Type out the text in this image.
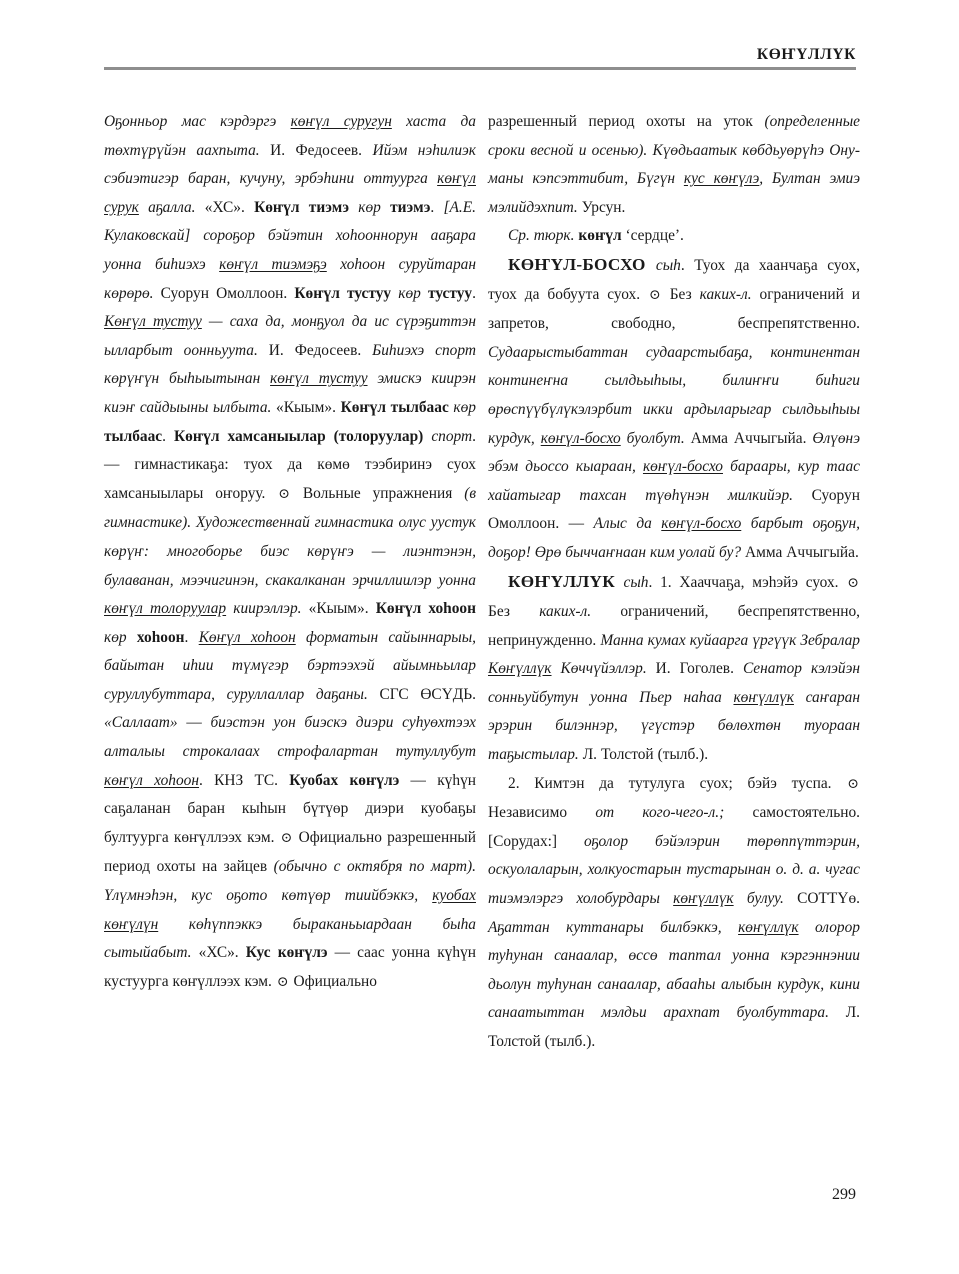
КӨҤҮЛЛҮК

Оҕонньор мас кэрдэргэ көҥүл суругун хаста да төхтүрүйэн аахпыта. И. Федосеев. Ийэм нэһилиэк сэбиэтигэр баран, кучуну, эрбэһини оттуурга көҥүл сурук аҕалла. «ХС». Көҥүл тиэмэ көр тиэмэ. [А.Е. Кулаковскай] сороҕор бэйэтин хоһооннорун ааҕара уонна биһиэхэ көҥүл тиэмэҕэ хоһоон суруйтаран көрөрө. Суорун Омоллоон. Көҥүл тустуу көр тустуу. Көҥүл тустуу — саха да, монҕуол да ис сүрэҕиттэн ылларбыт оонньуута. И. Федосеев. Биһиэхэ спорт көрүҥүн быһыытынан көҥүл тустуу эмискэ киирэн киэҥ сайдыыны ылбыта. «Кыым». Көҥүл тылбаас көр тылбаас. Көҥүл хамсаныылар (толоруулар) спорт. — гимнастикаҕа: туох да көмө тээбиринэ суох хамсаныылары оҥоруу. ⊙ Вольные упражнения (в гимнастике). Художественнай гимнастика олус уустук көрүҥ: многоборье биэс көрүҥэ — лиэнтэнэн, булаванан, мээчигинэн, скакалканан эрчиллиилэр уонна көҥүл толоруулар киирэллэр. «Кыым». Көҥүл хоһоон көр хоһоон. Көҥүл хоһоон форматын сайыннарыы, байытан иһии түмүгэр бэртээхэй айымньылар суруллубуттара, суруллаллар даҕаны. СГС ӨСҮДЬ. «Саллаат» — биэстэн уон биэскэ диэри суһуөхтээх алталыы строкалаах строфалартан тутуллубут көҥүл хоһоон. КНЗ ТС. Куобах көҥүлэ — күһүн саҕаланан баран кыһын бүтүөр диэри куобаҕы бултуурга көҥүллээх кэм. ⊙ Официально разрешенный период охоты на зайцев (обычно с октября по март). Үлүмнэһэн, кус оҕото көтүөр тиийбэккэ, куобах көҥүлүн көһүппэккэ быраканьыардаан быһа сытыйабыт. «ХС». Кус көҥүлэ — саас уонна күһүн кустуурга көҥүллээх кэм. ⊙ Официально

разрешенный период охоты на уток (определенные сроки весной и осенью). Күөдьаатык көбдьуөрүһэ Ону-маны кэпсэттибит, Бүгүн кус көҥүлэ, Бултан эмиэ мэлийдэхпит. Урсун.

Ср. тюрк. көҥүл ‘сердце’.

КӨҤҮЛ-БОСХО сыһ. Туох да хаанчаҕа суох, туох да бобуута суох. ⊙ Без каких-л. ограничений и запретов, свободно, беспрепятственно. Судаарыстыбаттан судаарстыбаҕа, континентан континеҥна сылдьыһыы, билиҥҥи биһиги өрөспүүбүлүкэлэрбит икки ардыларыгар сылдьыһыы курдук, көҥүл-босхо буолбут. Амма Аччыгыйа. Өлүөнэ эбэм дьоссо кыараан, көҥүл-босхо бараары, кур таас хайатыгар тахсан түөһүнэн милкийэр. Суорун Омоллоон. — Алыс да көҥүл-босхо барбыт оҕоҕун, доҕор! Өрө быччаҥнаан ким уолай бу? Амма Аччыгыйа.

КӨҤҮЛЛҮК сыһ. 1. Хааччаҕа, мэһэйэ суох. ⊙ Без каких-л. ограничений, беспрепятственно, непринужденно. Манна кумах куйаарга үргүүк Зебралар Көҥүллүк Көччүйэллэр. И. Гоголев. Сенатор кэлэйэн сонньуйбутун уонна Пьер наһаа көҥүллүк саҥаран эрэрин билэннэр, үгүстэр бөлөхтөн туораан таҕыстылар. Л. Толстой (тылб.).

2. Кимтэн да тутулуга суох; бэйэ туспа. ⊙ Независимо от кого-чего-л.; самостоятельно. [Сорудах:] оҕолор бэйэлэрин төрөппүттэрин, оскуолаларын, холкуостарын тустарынан о. д. а. чугас тиэмэлэргэ холобурдары көҥүллүк булуу. СОТТҮө. Аҕаттан куттанары билбэккэ, көҥүллүк олорор туһунан санаалар, өссө таптал уонна кэргэннэнии дьолун туһунан санаалар, абааһы алыбын курдук, кини санаатыттан мэлдьи арахпат буолбуттара. Л. Толстой (тылб.).

299
